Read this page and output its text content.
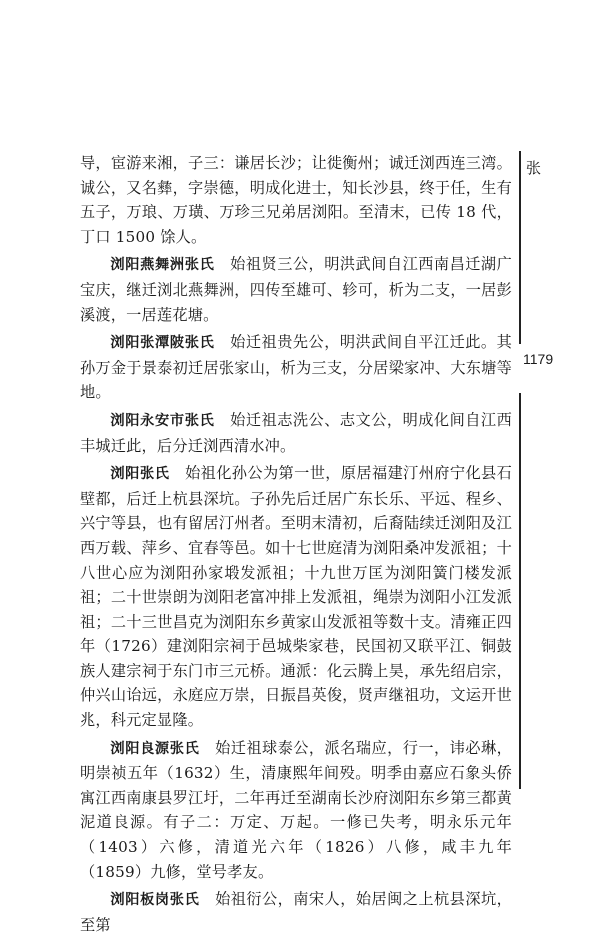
导，宦游来湘，子三：谦居长沙；让徙衡州；诚迁浏西连三湾。诚公，又名彝，字崇德，明成化进士，知长沙县，终于任，生有五子，万琅、万璜、万珍三兄弟居浏阳。至清末，已传 18 代，丁口 1500 馀人。

浏阳燕舞洲张氏  始祖贤三公，明洪武间自江西南昌迁湖广宝庆，继迁浏北燕舞洲，四传至雄可、轸可，析为二支，一居彭溪渡，一居莲花塘。

浏阳张潭陂张氏  始迁祖贵先公，明洪武间自平江迁此。其孙万金于景泰初迁居张家山，析为三支，分居梁家冲、大东塘等地。

浏阳永安市张氏  始迁祖志洗公、志文公，明成化间自江西丰城迁此，后分迁浏西清水冲。

浏阳张氏  始祖化孙公为第一世，原居福建汀州府宁化县石壁都，后迁上杭县深坑。子孙先后迁居广东长乐、平远、程乡、兴宁等县，也有留居汀州者。至明末清初，后裔陆续迁浏阳及江西万载、萍乡、宜春等邑。如十七世庭清为浏阳桑冲发派祖；十八世心应为浏阳孙家塅发派祖；十九世万匡为浏阳簧门楼发派祖；二十世崇朗为浏阳老富冲排上发派祖，绳崇为浏阳小江发派祖；二十三世昌克为浏阳东乡黄家山发派祖等数十支。清雍正四年（1726）建浏阳宗祠于邑城柴家巷，民国初又联平江、铜鼓族人建宗祠于东门市三元桥。通派：化云腾上昊，承先绍启宗，仲兴山诒远，永庭应万崇，日振昌英俊，贤声继祖功，文运开世兆，科元定显隆。

浏阳良源张氏  始迁祖球泰公，派名瑞应，行一，讳必琳，明崇祯五年（1632）生，清康熙年间殁。明季由嘉应石象头侨寓江西南康县罗江圩，二年再迁至湖南长沙府浏阳东乡第三都黄泥道良源。有子二：万定、万起。一修已失考，明永乐元年（1403）六修，清道光六年（1826）八修，咸丰九年（1859）九修，堂号孝友。

浏阳板岗张氏  始祖衍公，南宋人，始居闽之上杭县深坑，至第

张
1179
